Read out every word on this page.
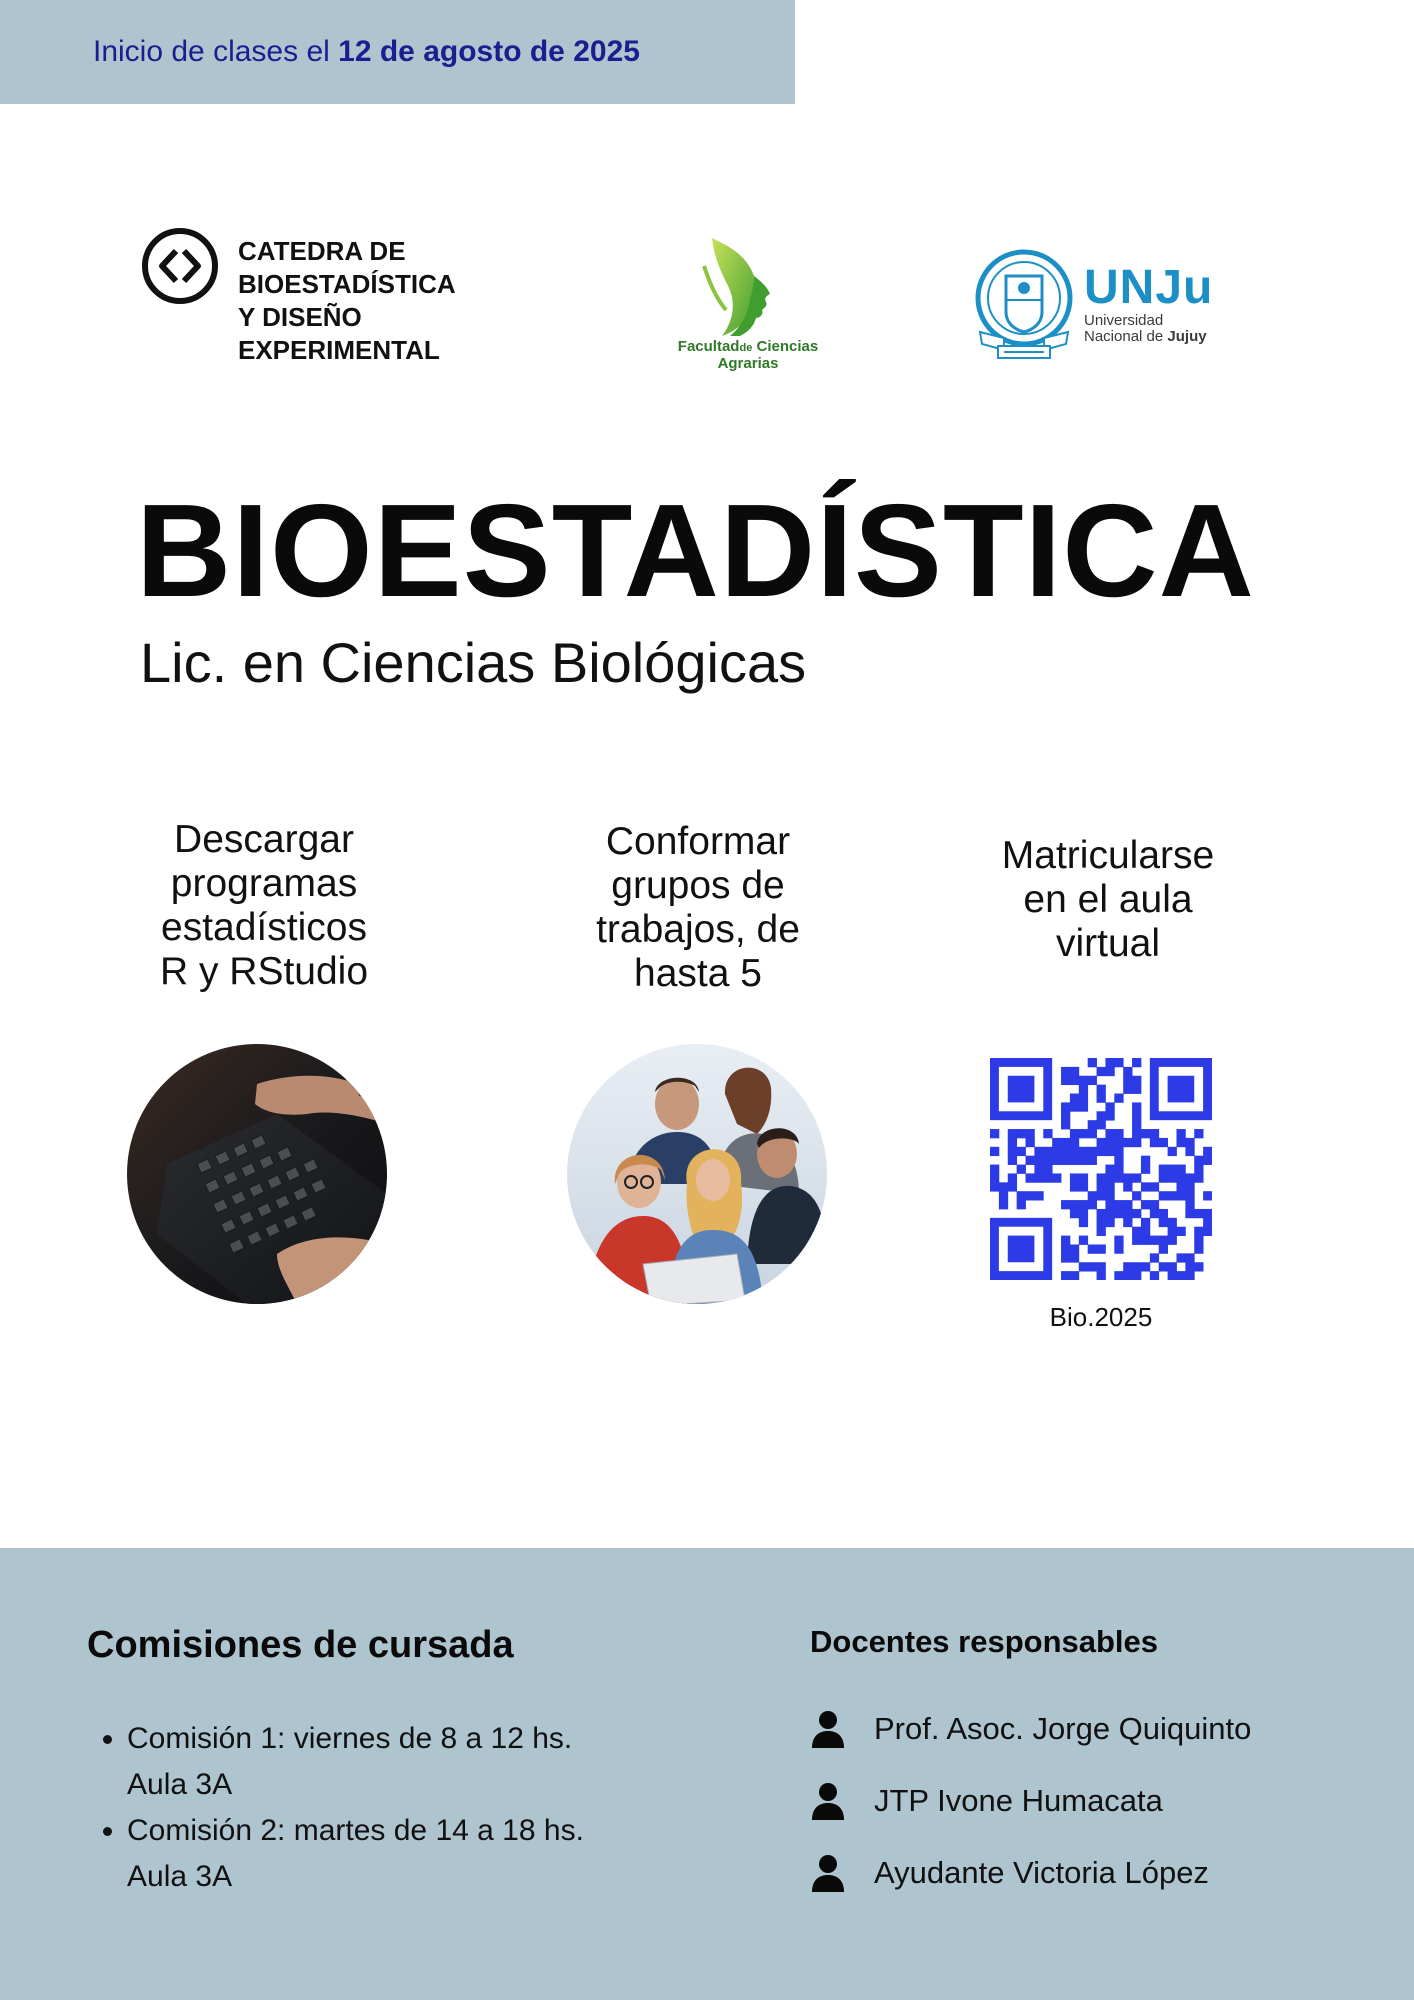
Inicio de clases el 12 de agosto de 2025
CATEDRA DE
BIOESTADÍSTICA
Y DISEÑO
EXPERIMENTAL	Facultadde Ciencias
Agrarias
UNJu
Universidad
Nacional de Jujuy
BIOESTADÍSTICA
Lic. en Ciencias Biológicas
Descargar
programas
estadísticos
R y RStudio
Conformar
grupos de
trabajos, de
hasta 5
Matricularse
en el aula
virtual
Bio.2025
Comisiones de cursada
• Comisión 1: viernes de 8 a 12 hs. Aula 3A
• Comisión 2: martes de 14 a 18 hs. Aula 3A
Docentes responsables
Prof. Asoc. Jorge Quiquinto
JTP Ivone Humacata
Ayudante Victoria López
